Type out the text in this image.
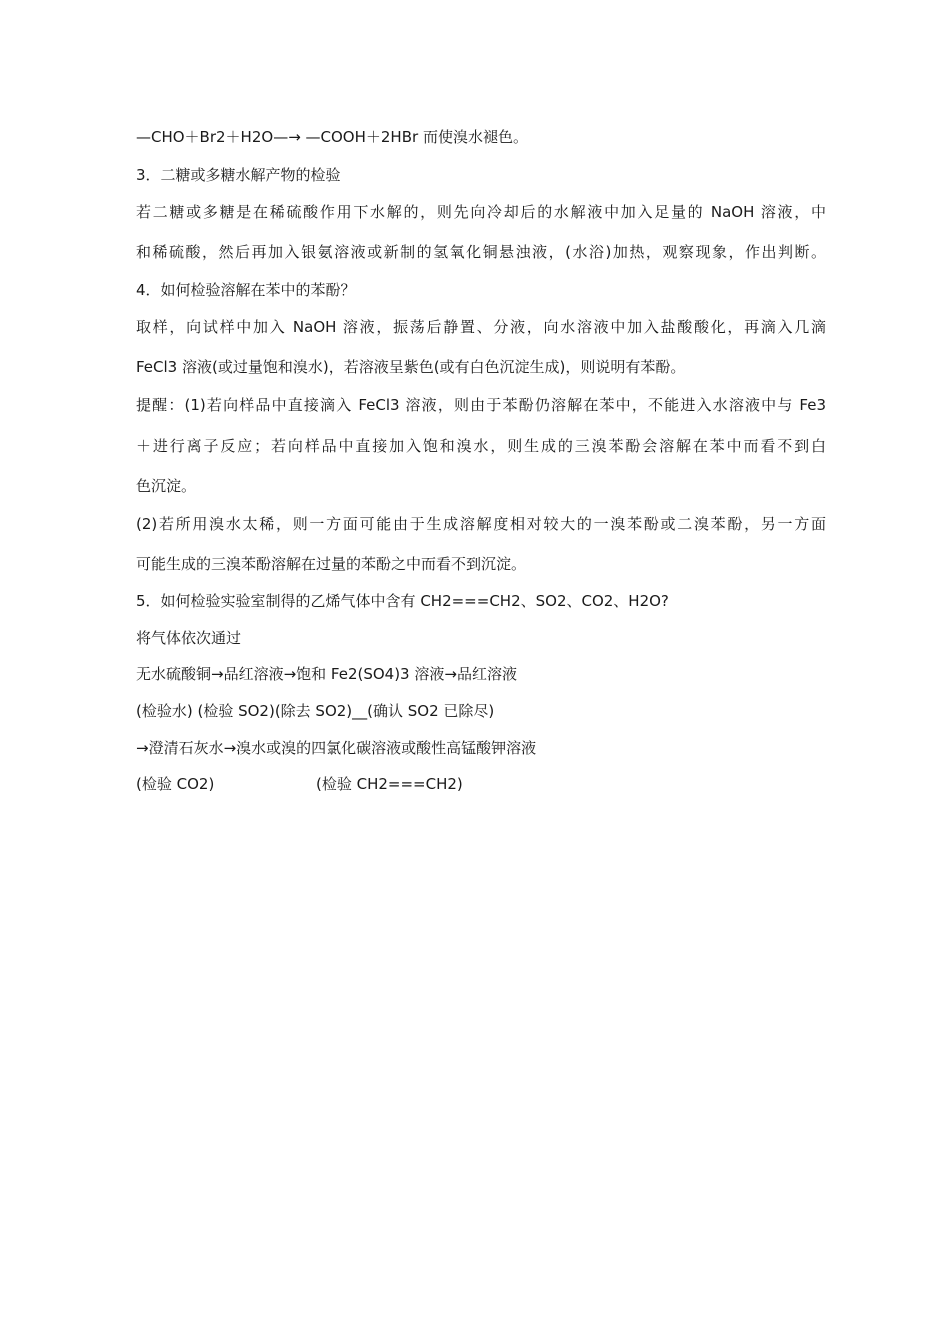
—CHO＋Br2＋H2O—→ —COOH＋2HBr 而使溴水褪色。
3．二糖或多糖水解产物的检验
若二糖或多糖是在稀硫酸作用下水解的，则先向冷却后的水解液中加入足量的 NaOH 溶液，中
和稀硫酸，然后再加入银氨溶液或新制的氢氧化铜悬浊液，(水浴)加热，观察现象，作出判断。
4．如何检验溶解在苯中的苯酚？
取样，向试样中加入 NaOH 溶液，振荡后静置、分液，向水溶液中加入盐酸酸化，再滴入几滴
FeCl3 溶液(或过量饱和溴水)，若溶液呈紫色(或有白色沉淀生成)，则说明有苯酚。
提醒：(1)若向样品中直接滴入 FeCl3 溶液，则由于苯酚仍溶解在苯中，不能进入水溶液中与 Fe3
＋进行离子反应；若向样品中直接加入饱和溴水，则生成的三溴苯酚会溶解在苯中而看不到白
色沉淀。
(2)若所用溴水太稀，则一方面可能由于生成溶解度相对较大的一溴苯酚或二溴苯酚，另一方面
可能生成的三溴苯酚溶解在过量的苯酚之中而看不到沉淀。
5．如何检验实验室制得的乙烯气体中含有 CH2===CH2、SO2、CO2、H2O?
将气体依次通过
无水硫酸铜→品红溶液→饱和 Fe2(SO4)3 溶液→品红溶液
(检验水) (检验 SO2)(除去 SO2)__(确认 SO2 已除尽)
→澄清石灰水→溴水或溴的四氯化碳溶液或酸性高锰酸钾溶液
(检验 CO2)	(检验 CH2===CH2)
